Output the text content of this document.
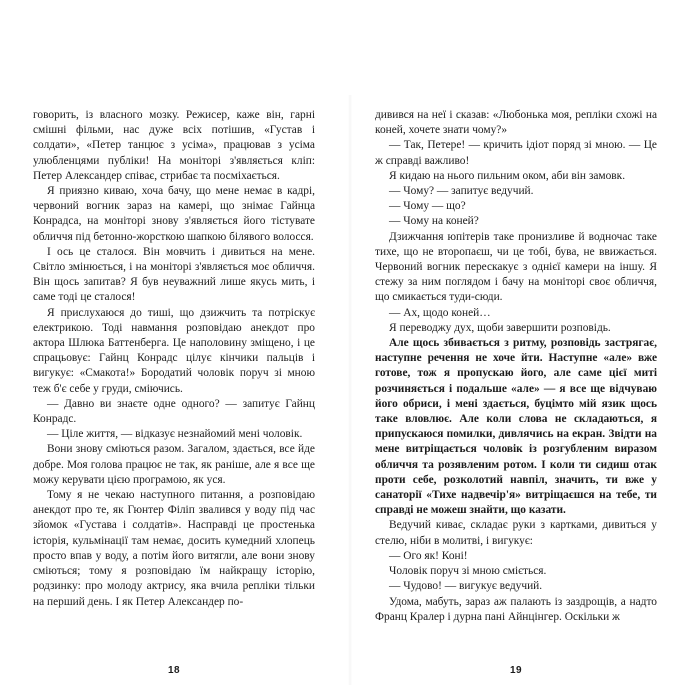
говорить, із власного мозку. Режисер, каже він, гарні смішні фільми, нас дуже всіх потішив, «Густав і солдати», «Петер танцює з усіма», працював з усіма улюбленцями публіки! На моніторі з'являється кліп: Петер Александер співає, стрибає та посміхається.

Я приязно киваю, хоча бачу, що мене немає в кадрі, червоний вогник зараз на камері, що знімає Гайнца Конрадса, на моніторі знову з'являється його тістувате обличчя під бетонно-жорсткою шапкою білявого волосся.

І ось це сталося. Він мовчить і дивиться на мене. Світло змінюється, і на моніторі з'являється моє обличчя. Він щось запитав? Я був неуважний лише якусь мить, і саме тоді це сталося!

Я прислухаюся до тиші, що дзижчить та потріскує електрикою. Тоді навмання розповідаю анекдот про актора Шлюка Баттенберга. Це наполовину зміщено, і це спрацьовує: Гайнц Конрадс цілує кінчики пальців і вигукує: «Смакота!» Бородатий чоловік поруч зі мною теж б'є себе у груди, сміючись.

— Давно ви знаєте одне одного? — запитує Гайнц Конрадс.

— Ціле життя, — відказує незнайомий мені чоловік.

Вони знову сміються разом. Загалом, здається, все йде добре. Моя голова працює не так, як раніше, але я все ще можу керувати цією програмою, як уся.

Тому я не чекаю наступного питання, а розповідаю анекдот про те, як Гюнтер Філіп звалився у воду під час зйомок «Густава і солдатів». Насправді це простенька історія, кульмінації там немає, досить кумедний хлопець просто впав у воду, а потім його витягли, але вони знову сміються; тому я розповідаю їм найкращу історію, родзинку: про молоду актрису, яка вчила репліки тільки на перший день. І як Петер Александер по-

18

дивився на неї і сказав: «Любонька моя, репліки схожі на коней, хочете знати чому?»

— Так, Петере! — кричить ідіот поряд зі мною. — Це ж справді важливо!

Я кидаю на нього пильним оком, аби він замовк.

— Чому? — запитує ведучий.

— Чому — що?

— Чому на коней?

Дзижчання юпітерів таке пронизливе й водночас таке тихе, що не второпаєш, чи це тобі, бува, не ввижається. Червоний вогник перескакує з однієї камери на іншу. Я стежу за ним поглядом і бачу на моніторі своє обличчя, що смикається туди-сюди.

— Ах, щодо коней…

Я переводжу дух, щоби завершити розповідь.

Але щось збивається з ритму, розповідь застрягає, наступне речення не хоче йти. Наступне «але» вже готове, тож я пропускаю його, але саме цієї миті розчиняється і подальше «але» — я все ще відчуваю його обриси, і мені здається, буцімто мій язик щось таке вловлює. Але коли слова не складаються, я припускаюся помилки, дивлячись на екран. Звідти на мене витріщається чоловік із розгубленим виразом обличчя та розявленим ротом. І коли ти сидиш отак проти себе, розколотий навпіл, значить, ти вже у санаторії «Тихе надвечір'я» витріщаєшся на тебе, ти справді не можеш знайти, що казати.

Ведучий киває, складає руки з картками, дивиться у стелю, ніби в молитві, і вигукує:

— Ого як! Коні!

Чоловік поруч зі мною сміється.

— Чудово! — вигукує ведучий.

Удома, мабуть, зараз аж палають із заздрощів, а надто Франц Кралер і дурна пані Айнцінгер. Оскільки ж

19
